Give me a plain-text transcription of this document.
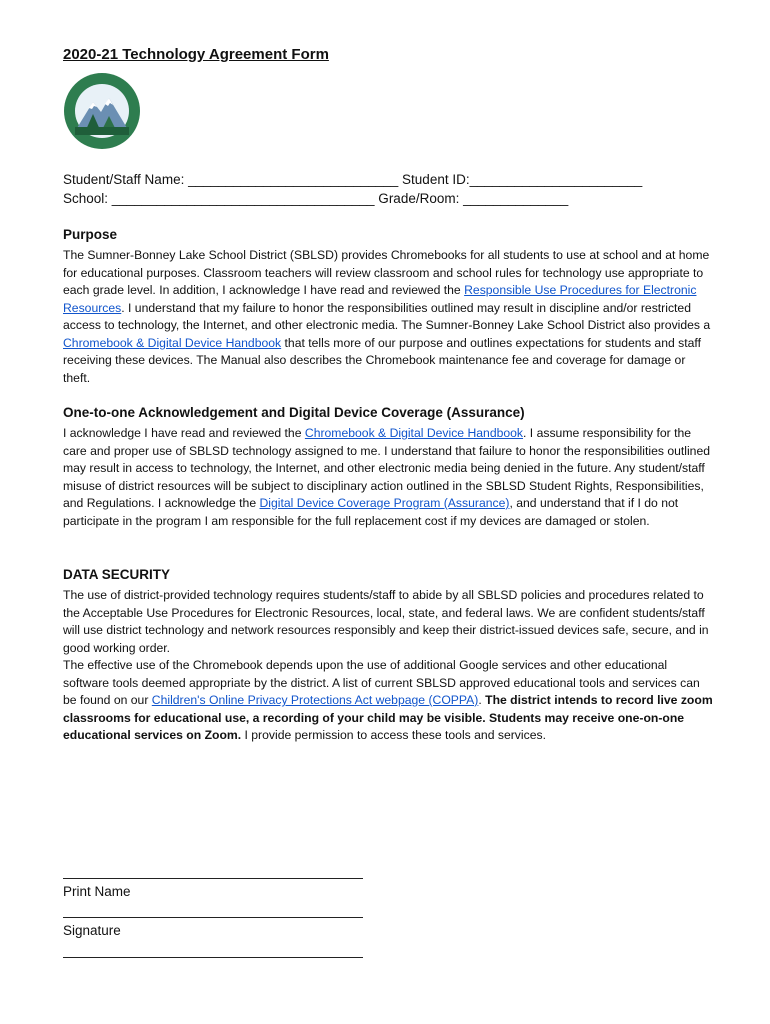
2020-21 Technology Agreement Form
Student/Staff Name: ____________________________ Student ID:_______________________
School: ___________________________________ Grade/Room: ______________
Purpose

The Sumner-Bonney Lake School District (SBLSD) provides Chromebooks for all students to use at school and at home for educational purposes. Classroom teachers will review classroom and school rules for technology use appropriate to each grade level. In addition, I acknowledge I have read and reviewed the Responsible Use Procedures for Electronic Resources. I understand that my failure to honor the responsibilities outlined may result in discipline and/or restricted access to technology, the Internet, and other electronic media. The Sumner-Bonney Lake School District also provides a Chromebook & Digital Device Handbook that tells more of our purpose and outlines expectations for students and staff receiving these devices. The Manual also describes the Chromebook maintenance fee and coverage for damage or theft.

One-to-one Acknowledgement and Digital Device Coverage (Assurance)

I acknowledge I have read and reviewed the Chromebook & Digital Device Handbook. I assume responsibility for the care and proper use of SBLSD technology assigned to me. I understand that failure to honor the responsibilities outlined may result in access to technology, the Internet, and other electronic media being denied in the future. Any student/staff misuse of district resources will be subject to disciplinary action outlined in the SBLSD Student Rights, Responsibilities, and Regulations. I acknowledge the Digital Device Coverage Program (Assurance), and understand that if I do not participate in the program I am responsible for the full replacement cost if my devices are damaged or stolen.

DATA SECURITY

The use of district-provided technology requires students/staff to abide by all SBLSD policies and procedures related to the Acceptable Use Procedures for Electronic Resources, local, state, and federal laws. We are confident students/staff will use district technology and network resources responsibly and keep their district-issued devices safe, secure, and in good working order.

The effective use of the Chromebook depends upon the use of additional Google services and other educational software tools deemed appropriate by the district. A list of current SBLSD approved educational tools and services can be found on our Children's Online Privacy Protections Act webpage (COPPA). The district intends to record live zoom classrooms for educational use, a recording of your child may be visible. Students may receive one-on-one educational services on Zoom. I provide permission to access these tools and services.

Print Name
Signature
